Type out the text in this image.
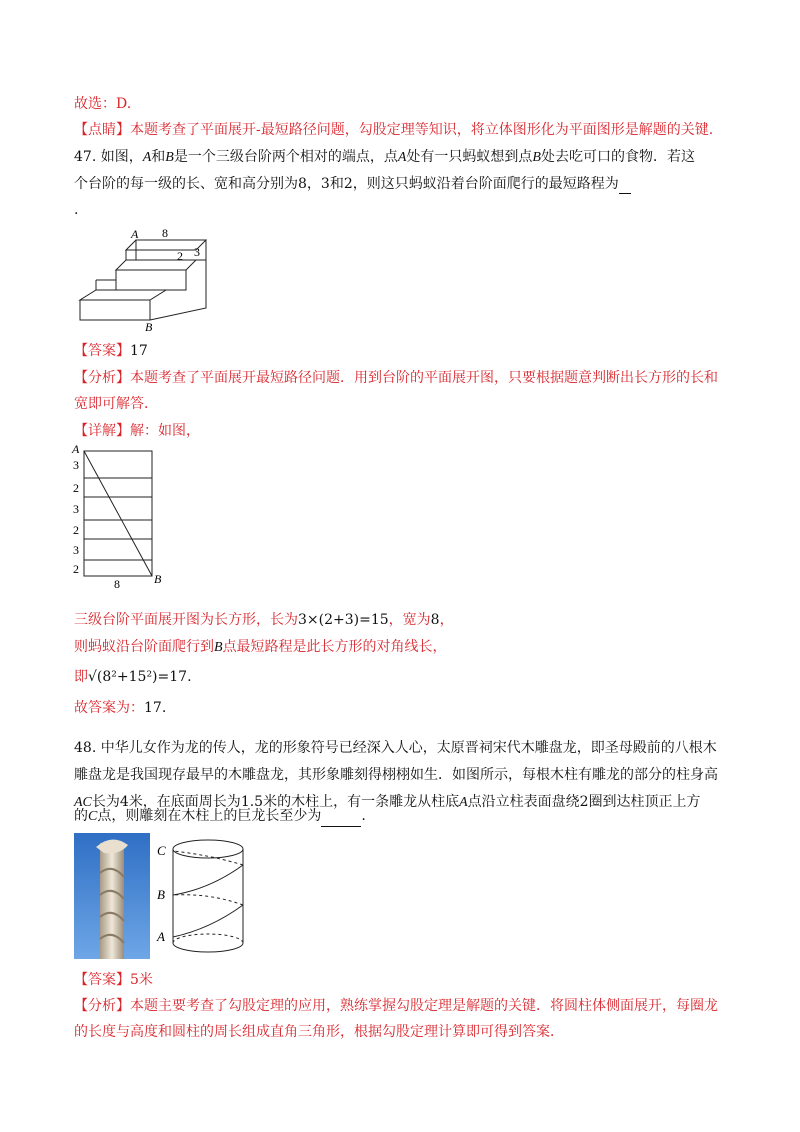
故选：D.
【点睛】本题考查了平面展开-最短路径问题，勾股定理等知识，将立体图形化为平面图形是解题的关键.
47. 如图，A和B是一个三级台阶两个相对的端点，点A处有一只蚂蚁想到点B处去吃可口的食物．若这
个台阶的每一级的长、宽和高分别为8，3和2，则这只蚂蚁沿着台阶面爬行的最短路程为
.
A 8
2 3
B
【答案】17
【分析】本题考查了平面展开最短路径问题．用到台阶的平面展开图，只要根据题意判断出长方形的长和
宽即可解答．
【详解】解：如图，
A
3
2
3
2
3
2
8	B
三级台阶平面展开图为长方形，长为3×(2+3)=15，宽为8，
则蚂蚁沿台阶面爬行到B点最短路程是此长方形的对角线长，
即√(8²+15²)=17.
故答案为：17.
48. 中华儿女作为龙的传人，龙的形象符号已经深入人心，太原晋祠宋代木雕盘龙，即圣母殿前的八根木
雕盘龙是我国现存最早的木雕盘龙，其形象雕刻得栩栩如生．如图所示，每根木柱有雕龙的部分的柱身高
AC长为4米，在底面周长为1.5米的木柱上，有一条雕龙从柱底A点沿立柱表面盘绕2圈到达柱顶正上方
的C点，则雕刻在木柱上的巨龙长至少为	.
C
B
A
【答案】5米
【分析】本题主要考查了勾股定理的应用，熟练掌握勾股定理是解题的关键．将圆柱体侧面展开，每圈龙
的长度与高度和圆柱的周长组成直角三角形，根据勾股定理计算即可得到答案．
